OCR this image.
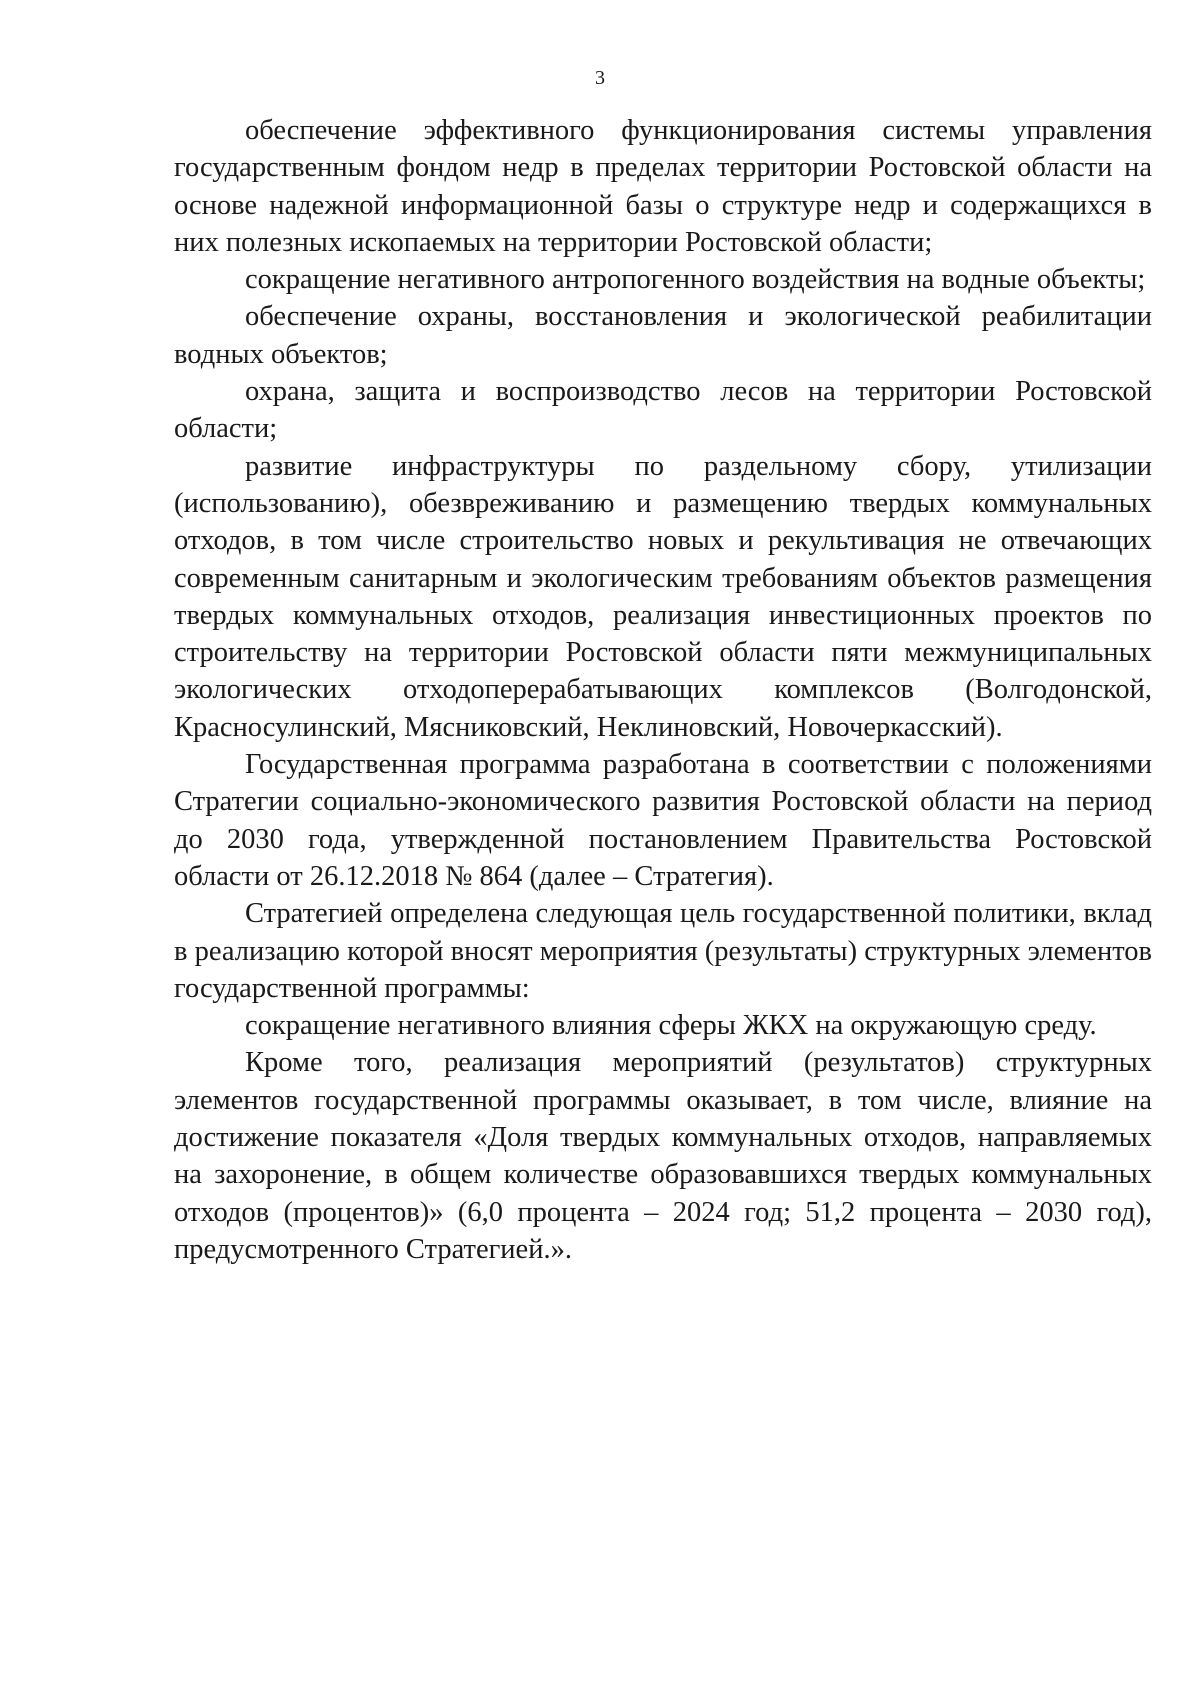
3

обеспечение эффективного функционирования системы управления государственным фондом недр в пределах территории Ростовской области на основе надежной информационной базы о структуре недр и содержащихся в них полезных ископаемых на территории Ростовской области;

сокращение негативного антропогенного воздействия на водные объекты;

обеспечение охраны, восстановления и экологической реабилитации водных объектов;

охрана, защита и воспроизводство лесов на территории Ростовской области;

развитие инфраструктуры по раздельному сбору, утилизации (использованию), обезвреживанию и размещению твердых коммунальных отходов, в том числе строительство новых и рекультивация не отвечающих современным санитарным и экологическим требованиям объектов размещения твердых коммунальных отходов, реализация инвестиционных проектов по строительству на территории Ростовской области пяти межмуниципальных экологических отходоперерабатывающих комплексов (Волгодонской, Красносулинский, Мясниковский, Неклиновский, Новочеркасский).

Государственная программа разработана в соответствии с положениями Стратегии социально-экономического развития Ростовской области на период до 2030 года, утвержденной постановлением Правительства Ростовской области от 26.12.2018 № 864 (далее – Стратегия).

Стратегией определена следующая цель государственной политики, вклад в реализацию которой вносят мероприятия (результаты) структурных элементов государственной программы:

сокращение негативного влияния сферы ЖКХ на окружающую среду.

Кроме того, реализация мероприятий (результатов) структурных элементов государственной программы оказывает, в том числе, влияние на достижение показателя «Доля твердых коммунальных отходов, направляемых на захоронение, в общем количестве образовавшихся твердых коммунальных отходов (процентов)» (6,0 процента – 2024 год; 51,2 процента – 2030 год), предусмотренного Стратегией.».
